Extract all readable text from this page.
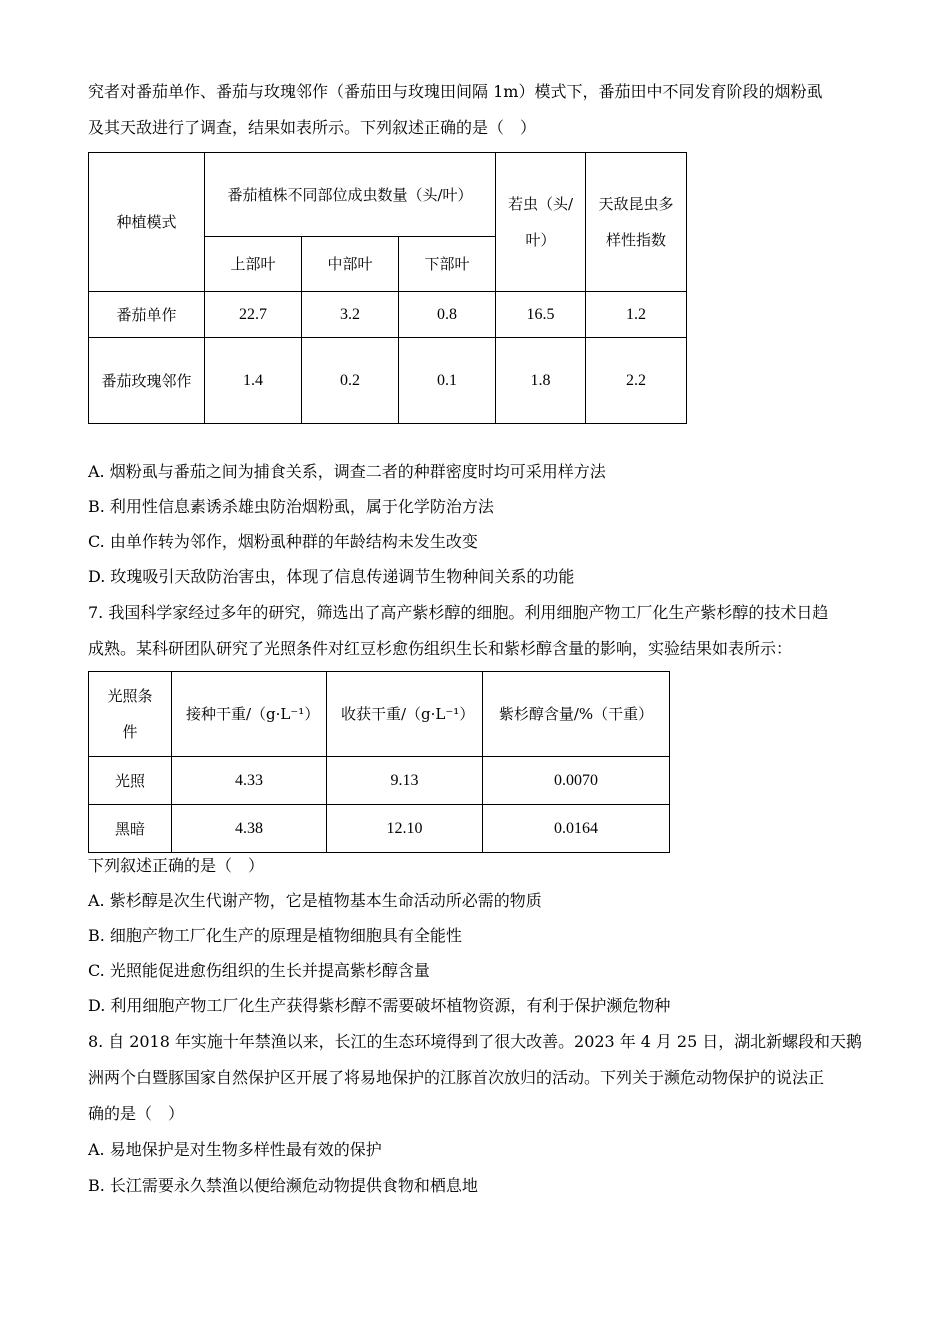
究者对番茄单作、番茄与玫瑰邻作（番茄田与玫瑰田间隔 1m）模式下，番茄田中不同发育阶段的烟粉虱
及其天敌进行了调查，结果如表所示。下列叙述正确的是（　）
种植模式	番茄植株不同部位成虫数量（头/叶）			若虫（头/叶）	天敌昆虫多样性指数
	上部叶	中部叶	下部叶		
番茄单作	22.7	3.2	0.8	16.5	1.2
番茄玫瑰邻作	1.4	0.2	0.1	1.8	2.2
A. 烟粉虱与番茄之间为捕食关系，调查二者的种群密度时均可采用样方法
B. 利用性信息素诱杀雄虫防治烟粉虱，属于化学防治方法
C. 由单作转为邻作，烟粉虱种群的年龄结构未发生改变
D. 玫瑰吸引天敌防治害虫，体现了信息传递调节生物种间关系的功能
7. 我国科学家经过多年的研究，筛选出了高产紫杉醇的细胞。利用细胞产物工厂化生产紫杉醇的技术日趋
成熟。某科研团队研究了光照条件对红豆杉愈伤组织生长和紫杉醇含量的影响，实验结果如表所示：
光照条件	接种干重/（g·L⁻¹）	收获干重/（g·L⁻¹）	紫杉醇含量/%（干重）
光照	4.33	9.13	0.0070
黑暗	4.38	12.10	0.0164
下列叙述正确的是（　）
A. 紫杉醇是次生代谢产物，它是植物基本生命活动所必需的物质
B. 细胞产物工厂化生产的原理是植物细胞具有全能性
C. 光照能促进愈伤组织的生长并提高紫杉醇含量
D. 利用细胞产物工厂化生产获得紫杉醇不需要破坏植物资源，有利于保护濒危物种
8. 自 2018 年实施十年禁渔以来，长江的生态环境得到了很大改善。2023 年 4 月 25 日，湖北新螺段和天鹅
洲两个白暨豚国家自然保护区开展了将易地保护的江豚首次放归的活动。下列关于濒危动物保护的说法正
确的是（　）
A. 易地保护是对生物多样性最有效的保护
B. 长江需要永久禁渔以便给濒危动物提供食物和栖息地
